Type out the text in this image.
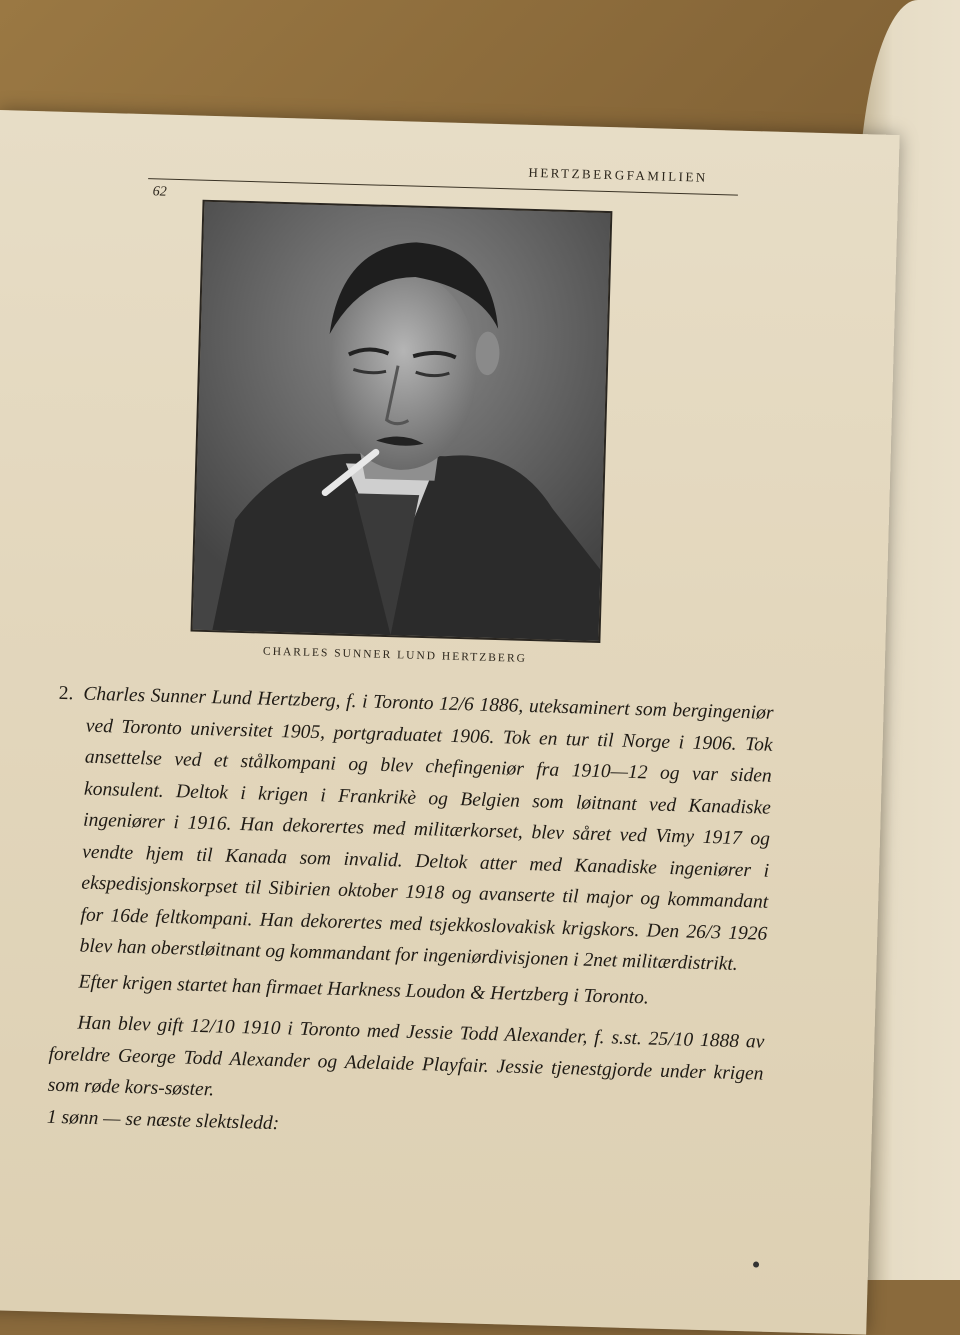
HERTZBERGFAMILIEN
62
CHARLES SUNNER LUND HERTZBERG

2. Charles Sunner Lund Hertzberg, f. i Toronto 12/6 1886, uteksaminert som bergingeniør ved Toronto universitet 1905, portgraduatet 1906. Tok en tur til Norge i 1906. Tok ansettelse ved et stålkompani og blev chefingeniør fra 1910—12 og var siden konsulent. Deltok i krigen i Frankrikè og Belgien som løitnant ved Kanadiske ingeniører i 1916. Han dekorertes med militærkorset, blev såret ved Vimy 1917 og vendte hjem til Kanada som invalid. Deltok atter med Kanadiske ingeniører i ekspedisjonskorpset til Sibirien oktober 1918 og avanserte til major og kommandant for 16de feltkompani. Han dekorertes med tsjekkoslovakisk krigskors. Den 26/3 1926 blev han oberstløitnant og kommandant for ingeniørdivisjonen i 2net militærdistrikt.

Efter krigen startet han firmaet Harkness Loudon & Hertzberg i Toronto.

Han blev gift 12/10 1910 i Toronto med Jessie Todd Alexander, f. s.st. 25/10 1888 av foreldre George Todd Alexander og Adelaide Playfair. Jessie tjenestgjorde under krigen som røde kors-søster.

1 sønn — se næste slektsledd:
